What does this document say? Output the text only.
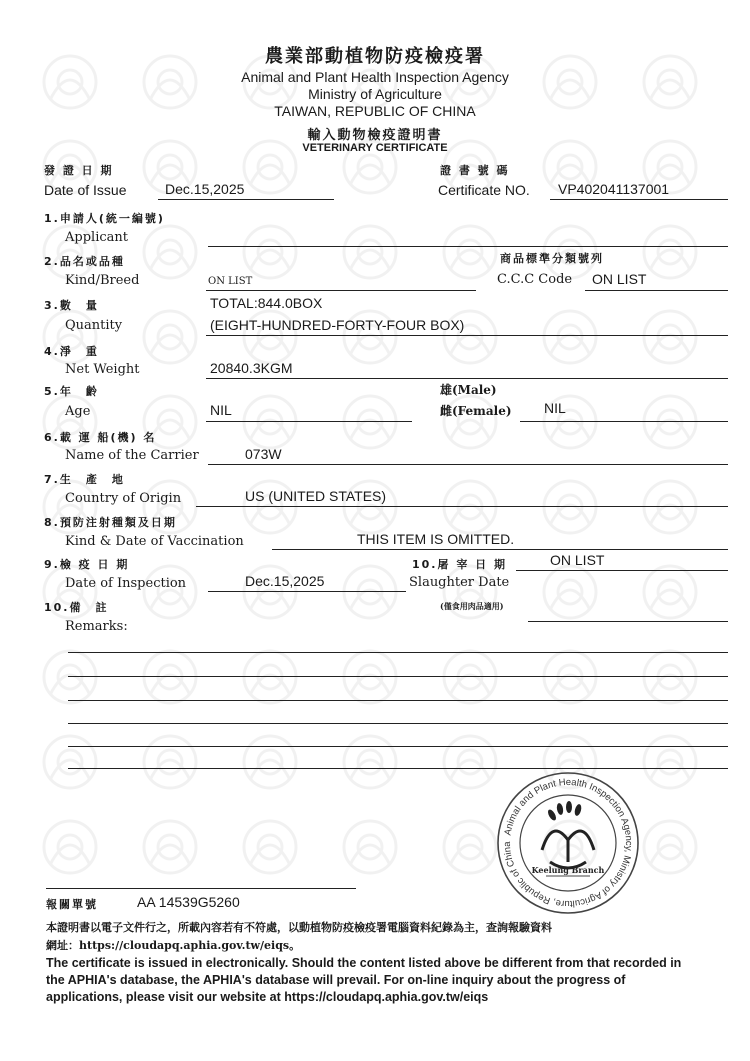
農業部動植物防疫檢疫署
Animal and Plant Health Inspection Agency
Ministry of Agriculture
TAIWAN, REPUBLIC OF CHINA
輸入動物檢疫證明書
VETERINARY CERTIFICATE
發 證 日 期
Date of Issue	Dec.15,2025
證 書 號 碼
Certificate NO. VP402041137001
1.申請人(統一編號)
Applicant
2.品名或品種
Kind/Breed	ON LIST
商品標準分類號列
C.C.C Code ON LIST
3.數　量	TOTAL:844.0BOX
Quantity	(EIGHT-HUNDRED-FORTY-FOUR BOX)
4.淨　重
Net Weight	20840.3KGM
5.年　齡
Age	NIL
雄(Male)
雌(Female) NIL
6.載 運 船(機) 名
Name of the Carrier	073W
7.生　產　地
Country of Origin	US (UNITED STATES)
8.預防注射種類及日期
Kind & Date of Vaccination	THIS ITEM IS OMITTED.
9.檢 疫 日 期
Date of Inspection	Dec.15,2025
10.屠 宰 日 期	ON LIST
Slaughter Date
(僅食用肉品適用)
10.備　註
Remarks:
Animal and Plant Health Inspection Agency, Ministry of Agriculture, Republic of China
Keelung Branch
報關單號	AA 14539G5260
本證明書以電子文件行之，所載內容若有不符處，以動植物防疫檢疫署電腦資料紀錄為主，查詢報驗資料
網址：https://cloudapq.aphia.gov.tw/eiqs。
The certificate is issued in electronically. Should the content listed above be different from that recorded in
the APHIA's database, the APHIA's database will prevail. For on-line inquiry about the progress of
applications, please visit our website at https://cloudapq.aphia.gov.tw/eiqs
